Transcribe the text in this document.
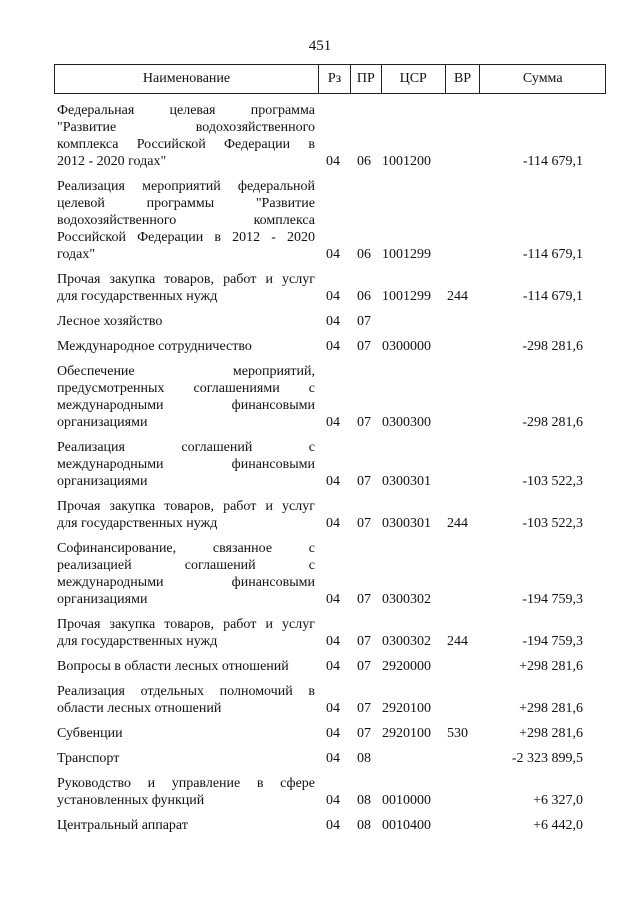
451
Наименование	Рз	ПР	ЦСР	ВР	Сумма
Федеральная целевая программа
"Развитие водохозяйственного
комплекса Российской Федерации в
2012 - 2020 годах"	04 06 1001200	-114 679,1
Реализация мероприятий федеральной
целевой программы "Развитие
водохозяйственного комплекса
Российской Федерации в 2012 - 2020
годах"	04 06 1001299	-114 679,1
Прочая закупка товаров, работ и услуг
для государственных нужд	04 06 1001299 244	-114 679,1
Лесное хозяйство	04 07
Международное сотрудничество	04 07 0300000	-298 281,6
Обеспечение мероприятий,
предусмотренных соглашениями с
международными финансовыми
организациями	04 07 0300300	-298 281,6
Реализация соглашений с
международными финансовыми
организациями	04 07 0300301	-103 522,3
Прочая закупка товаров, работ и услуг
для государственных нужд	04 07 0300301 244	-103 522,3
Софинансирование, связанное с
реализацией соглашений с
международными финансовыми
организациями	04 07 0300302	-194 759,3
Прочая закупка товаров, работ и услуг
для государственных нужд	04 07 0300302 244	-194 759,3
Вопросы в области лесных отношений	04 07 2920000	+298 281,6
Реализация отдельных полномочий в
области лесных отношений	04 07 2920100	+298 281,6
Субвенции	04 07 2920100 530	+298 281,6
Транспорт	04 08	-2 323 899,5
Руководство и управление в сфере
установленных функций	04 08 0010000	+6 327,0
Центральный аппарат	04 08 0010400	+6 442,0
